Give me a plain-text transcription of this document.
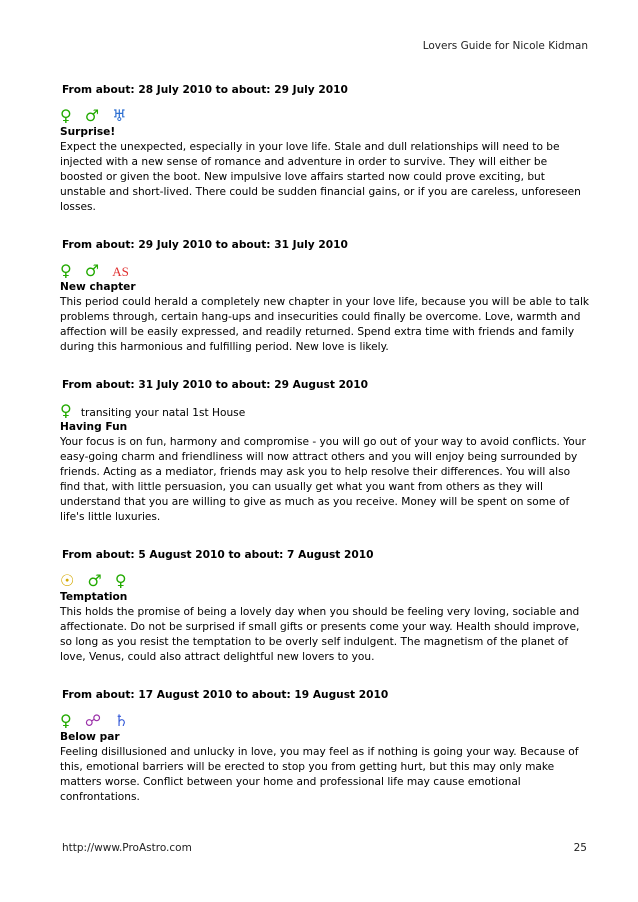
Lovers Guide for Nicole Kidman
From about: 28 July 2010 to about: 29 July 2010
♀ ♂ ♅
Surprise!

Expect the unexpected, especially in your love life. Stale and dull relationships will need to be injected with a new sense of romance and adventure in order to survive. They will either be boosted or given the boot. New impulsive love affairs started now could prove exciting, but unstable and short-lived. There could be sudden financial gains, or if you are careless, unforeseen losses.

From about: 29 July 2010 to about: 31 July 2010
♀ ♂ AS
New chapter

This period could herald a completely new chapter in your love life, because you will be able to talk problems through, certain hang-ups and insecurities could finally be overcome. Love, warmth and affection will be easily expressed, and readily returned. Spend extra time with friends and family during this harmonious and fulfilling period. New love is likely.

From about: 31 July 2010 to about: 29 August 2010
♀ transiting your natal 1st House
Having Fun

Your focus is on fun, harmony and compromise - you will go out of your way to avoid conflicts. Your easy-going charm and friendliness will now attract others and you will enjoy being surrounded by friends. Acting as a mediator, friends may ask you to help resolve their differences. You will also find that, with little persuasion, you can usually get what you want from others as they will understand that you are willing to give as much as you receive. Money will be spent on some of life's little luxuries.

From about: 5 August 2010 to about: 7 August 2010
☉ ♂ ♀
Temptation

This holds the promise of being a lovely day when you should be feeling very loving, sociable and affectionate. Do not be surprised if small gifts or presents come your way. Health should improve, so long as you resist the temptation to be overly self indulgent. The magnetism of the planet of love, Venus, could also attract delightful new lovers to you.

From about: 17 August 2010 to about: 19 August 2010
♀ ☍ ♄
Below par

Feeling disillusioned and unlucky in love, you may feel as if nothing is going your way. Because of this, emotional barriers will be erected to stop you from getting hurt, but this may only make matters worse. Conflict between your home and professional life may cause emotional confrontations.

http://www.ProAstro.com	25
